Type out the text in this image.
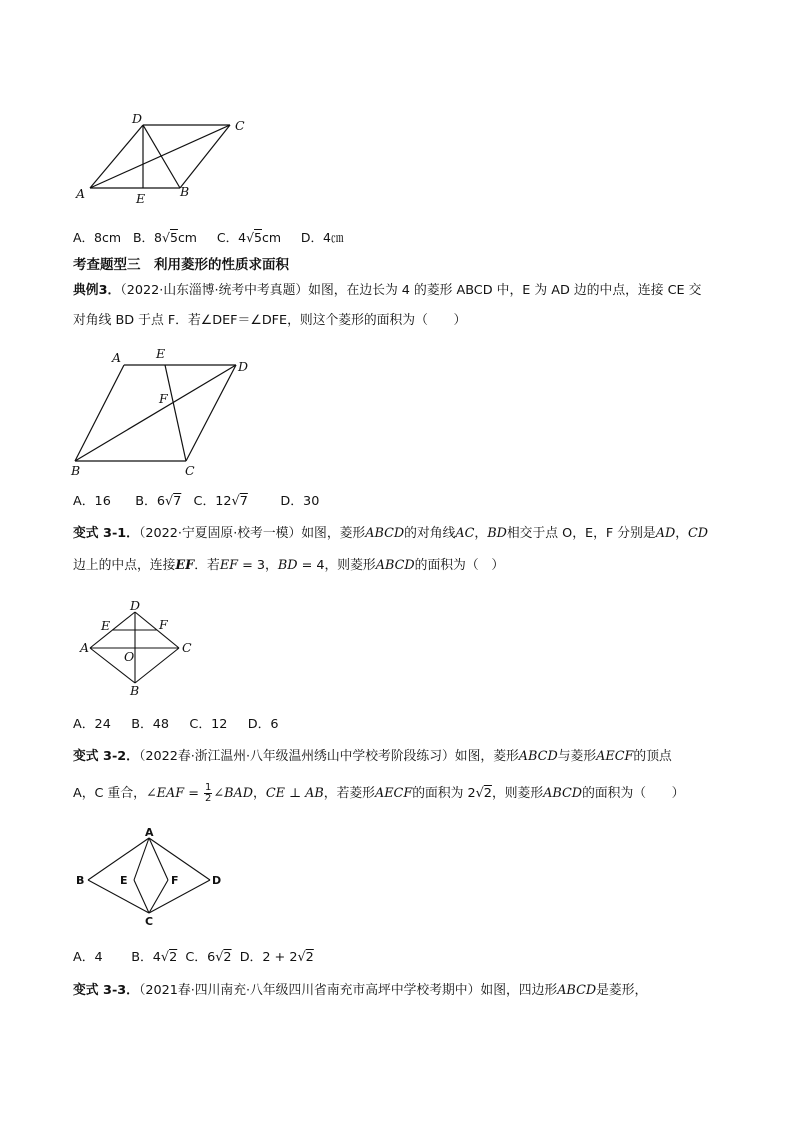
D	C
A	B
E
A．8cm B．8√5cm C．4√5cm D．4㎝
考查题型三　利用菱形的性质求面积
典例3．（2022·山东淄博·统考中考真题）如图，在边长为 4 的菱形 ABCD 中，E 为 AD 边的中点，连接 CE 交
对角线 BD 于点 F．若∠DEF＝∠DFE，则这个菱形的面积为（　　）
A	E
D
F
B	C
A．16 B．6√7 C．12√7	D．30
变式 3-1．（2022·宁夏固原·校考一模）如图，菱形ABCD的对角线AC，BD相交于点 O，E，F 分别是AD，CD
边上的中点，连接EF．若EF = 3，BD = 4，则菱形ABCD的面积为（　）
D
E	F
A
O
C
B
A．24 B．48 C．12 D．6
变式 3-2．（2022春·浙江温州·八年级温州绣山中学校考阶段练习）如图，菱形ABCD与菱形AECF的顶点
A，C 重合，∠EAF = $\frac{1}{2}$ ∠BAD，CE ⊥ AB，若菱形AECF的面积为 2√2，则菱形ABCD的面积为（　　）
A
B	E	F	D
C
A．4 B．4√2 C．6√2 D．2 + 2√2
变式 3-3．（2021春·四川南充·八年级四川省南充市高坪中学校考期中）如图，四边形ABCD是菱形，
